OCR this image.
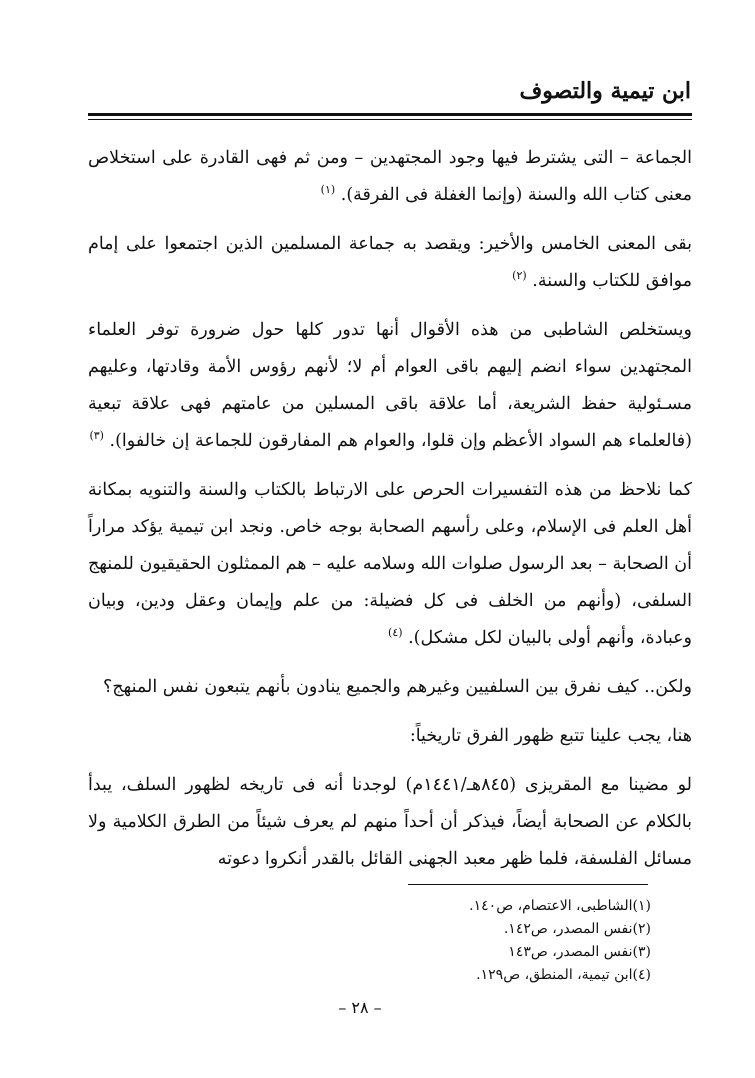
ابن تيمية والتصوف

الجماعة – التى يشترط فيها وجود المجتهدين – ومن ثم فهى القادرة على استخلاص معنى كتاب الله والسنة (وإنما الغفلة فى الفرقة). $^{(١)}$

بقى المعنى الخامس والأخير: ويقصد به جماعة المسلمين الذين اجتمعوا على إمام موافق للكتاب والسنة. $^{(٢)}$

ويستخلص الشاطبى من هذه الأقوال أنها تدور كلها حول ضرورة توفر العلماء المجتهدين سواء انضم إليهم باقى العوام أم لا؛ لأنهم رؤوس الأمة وقادتها، وعليهم مسـئولية حفظ الشريعة، أما علاقة باقى المسلين من عامتهم فهى علاقة تبعية (فالعلماء هم السواد الأعظم وإن قلوا، والعوام هم المفارقون للجماعة إن خالفوا). $^{(٣)}$

كما نلاحظ من هذه التفسيرات الحرص على الارتباط بالكتاب والسنة والتنويه بمكانة أهل العلم فى الإسلام، وعلى رأسهم الصحابة بوجه خاص. ونجد ابن تيمية يؤكد مراراً أن الصحابة – بعد الرسول صلوات الله وسلامه عليه – هم الممثلون الحقيقيون للمنهج السلفى، (وأنهم من الخلف فى كل فضيلة: من علم وإيمان وعقل ودين، وبيان وعبادة، وأنهم أولى بالبيان لكل مشكل). $^{(٤)}$

ولكن.. كيف نفرق بين السلفيين وغيرهم والجميع ينادون بأنهم يتبعون نفس المنهج؟

هنا، يجب علينا تتبع ظهور الفرق تاريخياً:

لو مضينا مع المقريزى (٨٤٥هـ/١٤٤١م) لوجدنا أنه فى تاريخه لظهور السلف، يبدأ بالكلام عن الصحابة أيضاً، فيذكر أن أحداً منهم لم يعرف شيئاً من الطرق الكلامية ولا مسائل الفلسفة، فلما ظهر معبد الجهنى القائل بالقدر أنكروا دعوته

(١)الشاطبى، الاعتصام، ص١٤٠.
(٢)نفس المصدر، ص١٤٢.
(٣)نفس المصدر، ص١٤٣
(٤)ابن تيمية، المنطق، ص١٢٩.
– ٢٨ –
